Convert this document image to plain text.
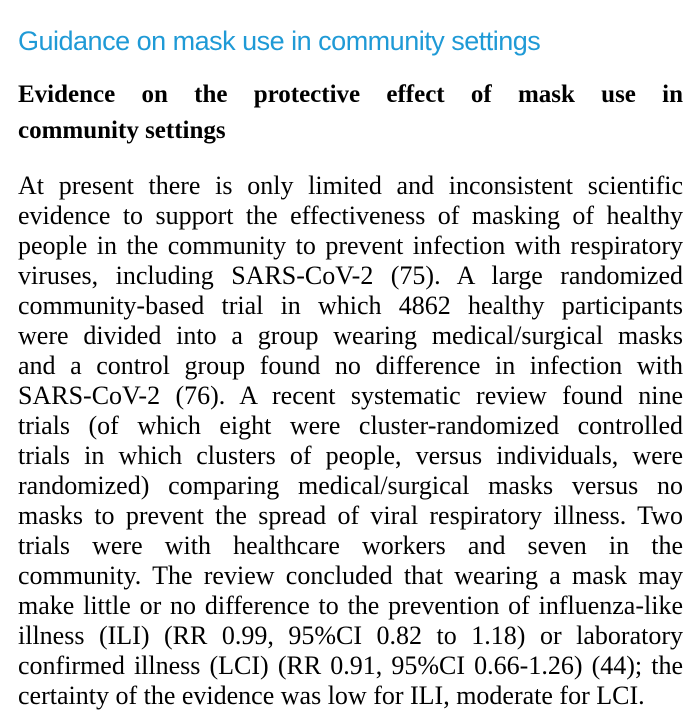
Guidance on mask use in community settings
Evidence on the protective effect of mask use in
community settings
At present there is only limited and inconsistent scientific
evidence to support the effectiveness of masking of healthy
people in the community to prevent infection with respiratory
viruses, including SARS-CoV-2 (75). A large randomized
community-based trial in which 4862 healthy participants
were divided into a group wearing medical/surgical masks
and a control group found no difference in infection with
SARS-CoV-2 (76). A recent systematic review found nine
trials (of which eight were cluster-randomized controlled
trials in which clusters of people, versus individuals, were
randomized) comparing medical/surgical masks versus no
masks to prevent the spread of viral respiratory illness. Two
trials were with healthcare workers and seven in the
community. The review concluded that wearing a mask may
make little or no difference to the prevention of influenza-like
illness (ILI) (RR 0.99, 95%CI 0.82 to 1.18) or laboratory
confirmed illness (LCI) (RR 0.91, 95%CI 0.66-1.26) (44); the
certainty of the evidence was low for ILI, moderate for LCI.
